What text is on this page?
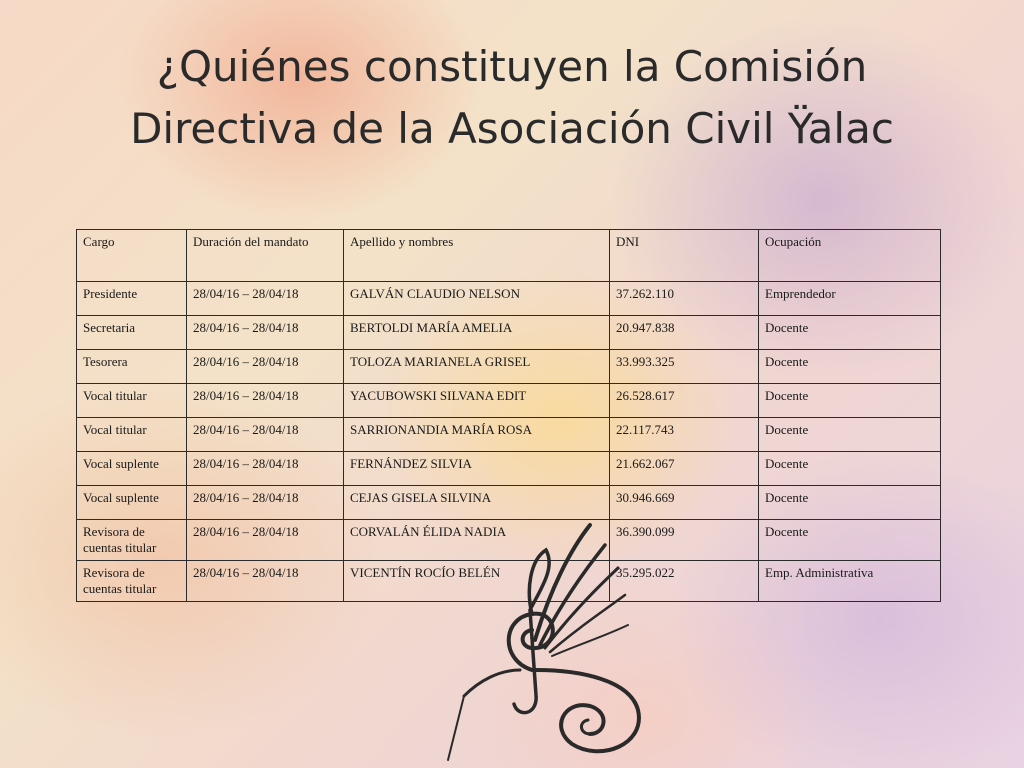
¿Quiénes constituyen la Comisión
Directiva de la Asociación Civil Ÿalac
Cargo	Duración del mandato	Apellido y nombres	DNI	Ocupación
Presidente	28/04/16 – 28/04/18	GALVÁN CLAUDIO NELSON	37.262.110	Emprendedor
Secretaria	28/04/16 – 28/04/18	BERTOLDI MARÍA AMELIA	20.947.838	Docente
Tesorera	28/04/16 – 28/04/18	TOLOZA MARIANELA GRISEL	33.993.325	Docente
Vocal titular	28/04/16 – 28/04/18	YACUBOWSKI SILVANA EDIT	26.528.617	Docente
Vocal titular	28/04/16 – 28/04/18	SARRIONANDIA MARÍA ROSA	22.117.743	Docente
Vocal suplente	28/04/16 – 28/04/18	FERNÁNDEZ SILVIA	21.662.067	Docente
Vocal suplente	28/04/16 – 28/04/18	CEJAS GISELA SILVINA	30.946.669	Docente
Revisora de cuentas titular	28/04/16 – 28/04/18	CORVALÁN ÉLIDA NADIA	36.390.099	Docente
Revisora de cuentas titular	28/04/16 – 28/04/18	VICENTÍN ROCÍO BELÉN	35.295.022	Emp. Administrativa
